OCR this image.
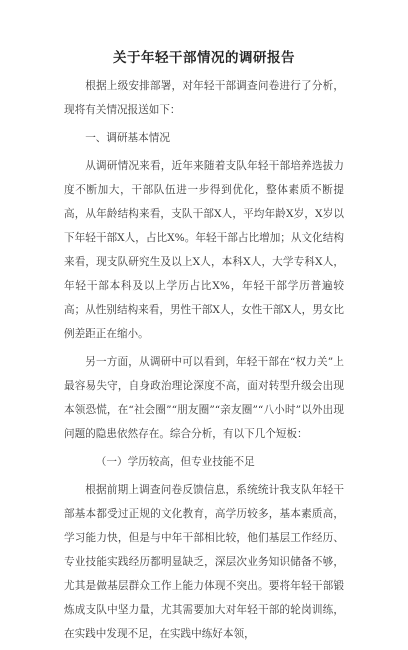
关于年轻干部情况的调研报告

根据上级安排部署，对年轻干部调查问卷进行了分析，现将有关情况报送如下：

一、调研基本情况

从调研情况来看，近年来随着支队年轻干部培养选拔力度不断加大，干部队伍进一步得到优化，整体素质不断提高，从年龄结构来看，支队干部X人，平均年龄X岁，X岁以下年轻干部X人，占比X%。年轻干部占比增加；从文化结构来看，现支队研究生及以上X人，本科X人，大学专科X人，年轻干部本科及以上学历占比X%，年轻干部学历普遍较高；从性别结构来看，男性干部X人，女性干部X人，男女比例差距正在缩小。

另一方面，从调研中可以看到，年轻干部在“权力关”上最容易失守，自身政治理论深度不高，面对转型升级会出现本领恐慌，在“社会圈”“朋友圈”“亲友圈”“八小时”以外出现问题的隐患依然存在。综合分析，有以下几个短板：

（一）学历较高，但专业技能不足

根据前期上调查问卷反馈信息，系统统计我支队年轻干部基本都受过正规的文化教育，高学历较多，基本素质高，学习能力快，但是与中年干部相比较，他们基层工作经历、专业技能实践经历都明显缺乏，深层次业务知识储备不够，尤其是做基层群众工作上能力体现不突出。要将年轻干部锻炼成支队中坚力量，尤其需要加大对年轻干部的轮岗训练，在实践中发现不足，在实践中练好本领，
